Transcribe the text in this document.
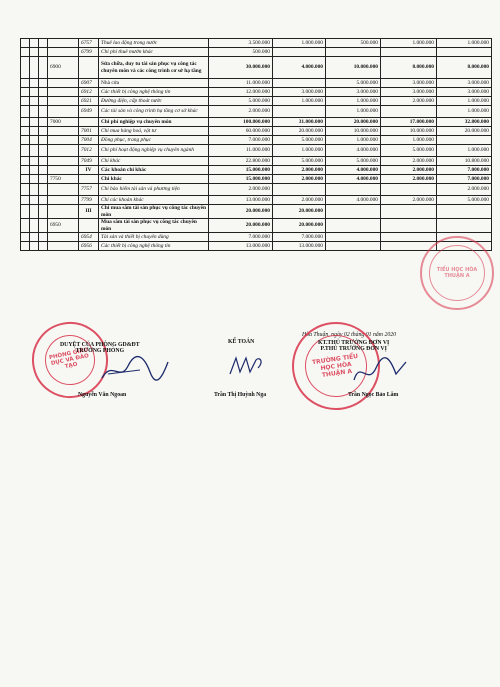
				6757	Thuê lao động trong nước	3.500.000	1.000.000	500.000	1.000.000	1.000.000
				6799	Chi phí thuê mướn khác	500.000				
			6900		Sửa chữa, duy tu tài sản phục vụ công tác chuyên môn và các công trình cơ sở hạ tầng	30.000.000	4.000.000	10.000.000	8.000.000	8.000.000
				6907	Nhà cửa	11.000.000		5.000.000	3.000.000	3.000.000
				6912	Các thiết bị công nghệ thông tin	12.000.000	3.000.000	3.000.000	3.000.000	3.000.000
				6921	Đường điện, cấp thoát nước	5.000.000	1.000.000	1.000.000	2.000.000	1.000.000
				6949	Các tài sản và công trình hạ tầng cơ sở khác	2.000.000		1.000.000		1.000.000
			7000		Chi phí nghiệp vụ chuyên môn	100.800.000	31.000.000	20.000.000	17.000.000	32.800.000
				7001	Chi mua hàng hoá, vật tư	60.000.000	20.000.000	10.000.000	10.000.000	20.000.000
				7004	Đồng phục, trang phục	7.000.000	5.000.000	1.000.000	1.000.000	
				7012	Chi phí hoạt động nghiệp vụ chuyên ngành	11.000.000	1.000.000	4.000.000	5.000.000	1.000.000
				7049	Chi khác	22.800.000	5.000.000	5.000.000	2.000.000	10.800.000
				IV	Các khoản chi khác	15.000.000	2.000.000	4.000.000	2.000.000	7.000.000
			7750		Chi khác	15.000.000	2.000.000	4.000.000	2.000.000	7.000.000
				7757	Chi bảo hiểm tài sản và phương tiện	2.000.000				2.000.000
				7799	Chi các khoản khác	13.000.000	2.000.000	4.000.000	2.000.000	5.000.000
				III	Chi mua sắm tài sản phục vụ công tác chuyên môn	20.000.000	20.000.000			
			6950		Mua sắm tài sản phục vụ công tác chuyên môn	20.000.000	20.000.000			
				6954	Tài sản và thiết bị chuyên dùng	7.000.000	7.000.000			
				6956	Các thiết bị công nghệ thông tin	13.000.000	13.000.000			
TIỂU HỌC HÒA THUẬN A
Hòa Thuận, ngày 02 tháng 01 năm 2020
PHÒNG GIÁO DỤC VÀ ĐÀO TẠO
DUYỆT CỦA PHÒNG GD&ĐT
TRƯỞNG PHÒNG
Nguyễn Văn Ngoan
KẾ TOÁN
Trần Thị Huỳnh Nga
TRƯỜNG TIỂU HỌC HÒA THUẬN A
KT.THỦ TRƯỞNG ĐƠN VỊ
P.THỦ TRƯỞNG ĐƠN VỊ
Trần Ngọc Bảo Lâm
